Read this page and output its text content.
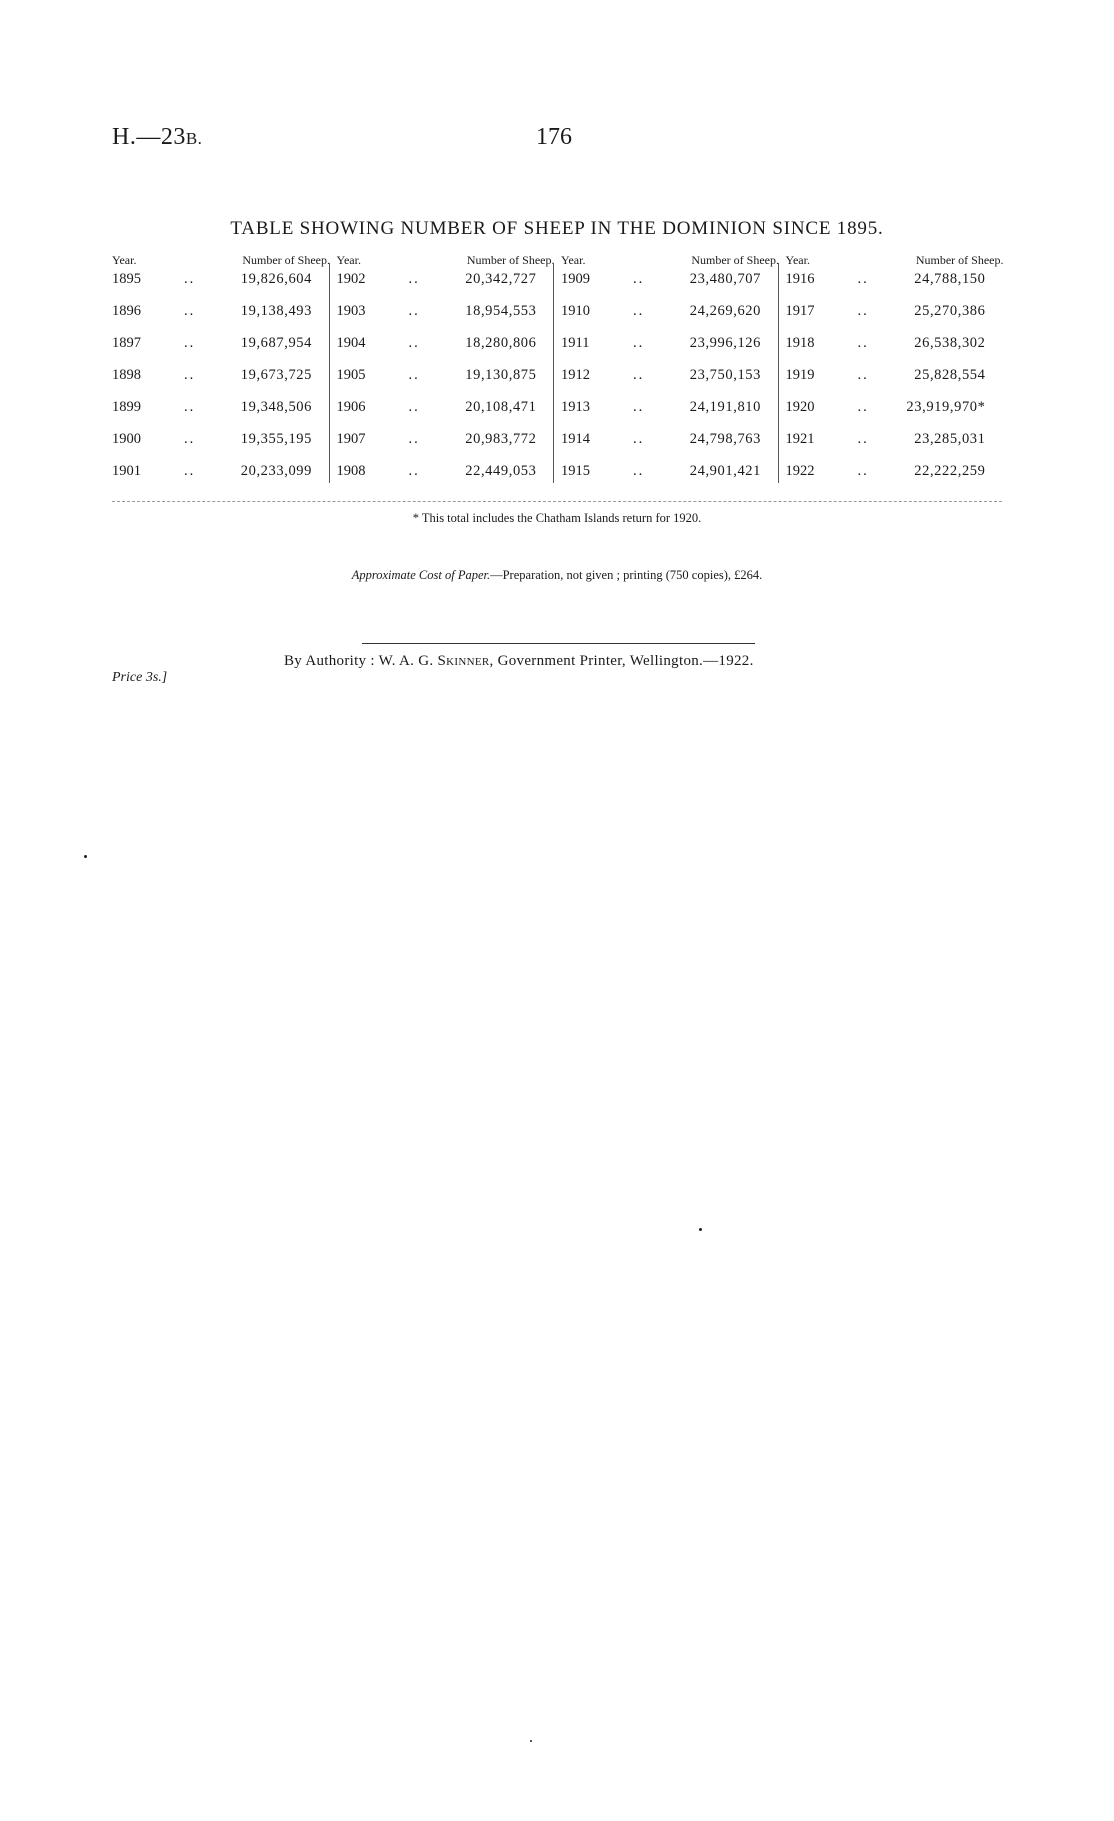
H.—23B.	176
TABLE SHOWING NUMBER OF SHEEP IN THE DOMINION SINCE 1895.
Year.	Number of Sheep.
1895	..	19,826,604
1896	..	19,138,493
1897	..	19,687,954
1898	..	19,673,725
1899	..	19,348,506
1900	..	19,355,195
1901	..	20,233,099
Year.	Number of Sheep.
1902	..	20,342,727
1903	..	18,954,553
1904	..	18,280,806
1905	..	19,130,875
1906	..	20,108,471
1907	..	20,983,772
1908	..	22,449,053
Year.	Number of Sheep.
1909	..	23,480,707
1910	..	24,269,620
1911	..	23,996,126
1912	..	23,750,153
1913	..	24,191,810
1914	..	24,798,763
1915	..	24,901,421
Year.	Number of Sheep.
1916	..	24,788,150
1917	..	25,270,386
1918	..	26,538,302
1919	..	25,828,554
1920	..	23,919,970*
1921	..	23,285,031
1922	..	22,222,259
* This total includes the Chatham Islands return for 1920.
Approximate Cost of Paper.—Preparation, not given ; printing (750 copies), £264.
By Authority : W. A. G. Skinner, Government Printer, Wellington.—1922.
Price 3s.]
